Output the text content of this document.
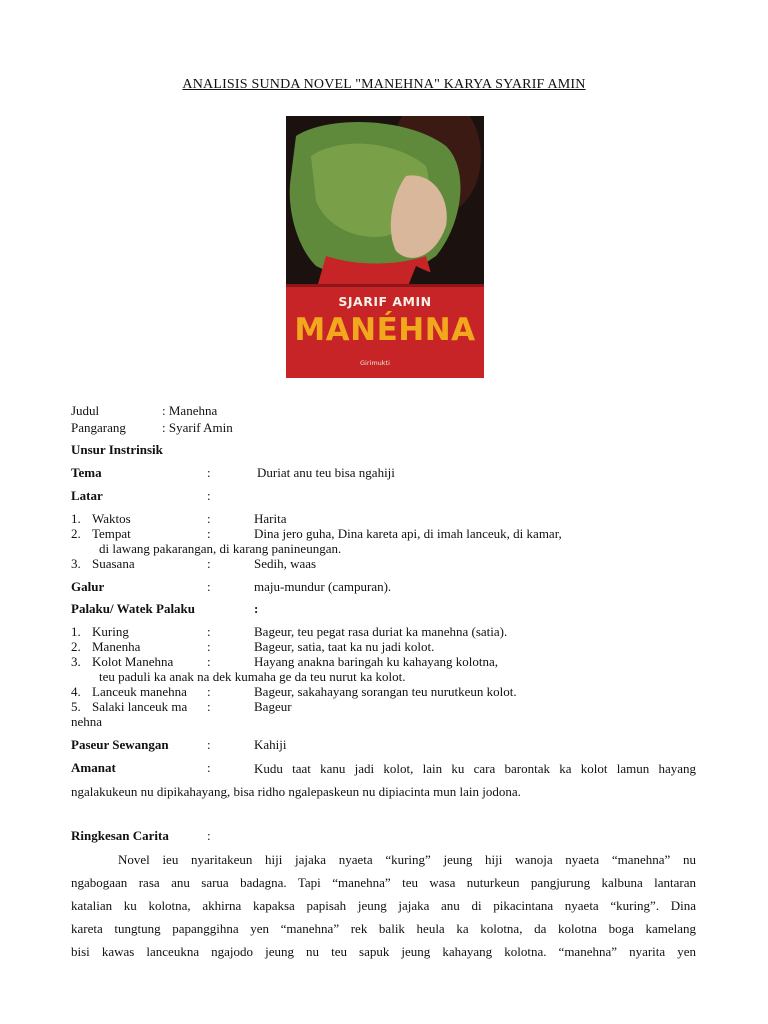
ANALISIS SUNDA NOVEL "MANEHNA" KARYA SYARIF AMIN
SJARIF AMIN
MANÉHNA
Girimukti
Judul	: Manehna
Pangarang	: Syarif Amin
Unsur Instrinsik
Tema	:	Duriat anu teu bisa ngahiji
Latar	:
1. Waktos	:	Harita
2. Tempat	:	Dina jero guha, Dina kareta api, di imah lanceuk, di kamar,
di lawang pakarangan, di karang panineungan.
3. Suasana	:	Sedih, waas
Galur	:	maju-mundur (campuran).
Palaku/ Watek Palaku	:
1. Kuring	:	Bageur, teu pegat rasa duriat ka manehna (satia).
2. Manenha	:	Bageur, satia, taat ka nu jadi kolot.
3. Kolot Manehna	:	Hayang anakna baringah ku kahayang kolotna,
teu paduli ka anak na dek kumaha ge da teu nurut ka kolot.
4. Lanceuk manehna :	Bageur, sakahayang sorangan teu nurutkeun kolot.
5. Salaki lanceuk ma :	Bageur
nehna
Paseur Sewangan	:	Kahiji
Amanat	:	Kudu taat kanu jadi kolot, lain ku cara barontak ka kolot lamun hayang
ngalakukeun nu dipikahayang, bisa ridho ngalepaskeun nu dipiacinta mun lain jodona.
Ringkesan Carita	:
Novel ieu nyaritakeun hiji jajaka nyaeta “kuring” jeung hiji wanoja nyaeta “manehna” nu
ngabogaan rasa anu sarua badagna. Tapi “manehna” teu wasa nuturkeun pangjurung kalbuna lantaran
katalian ku kolotna, akhirna kapaksa papisah jeung jajaka anu di pikacintana nyaeta “kuring”. Dina
kareta tungtung papanggihna yen “manehna” rek balik heula ka kolotna, da kolotna boga kamelang
bisi kawas lanceukna ngajodo jeung nu teu sapuk jeung kahayang kolotna. “manehna” nyarita yen
